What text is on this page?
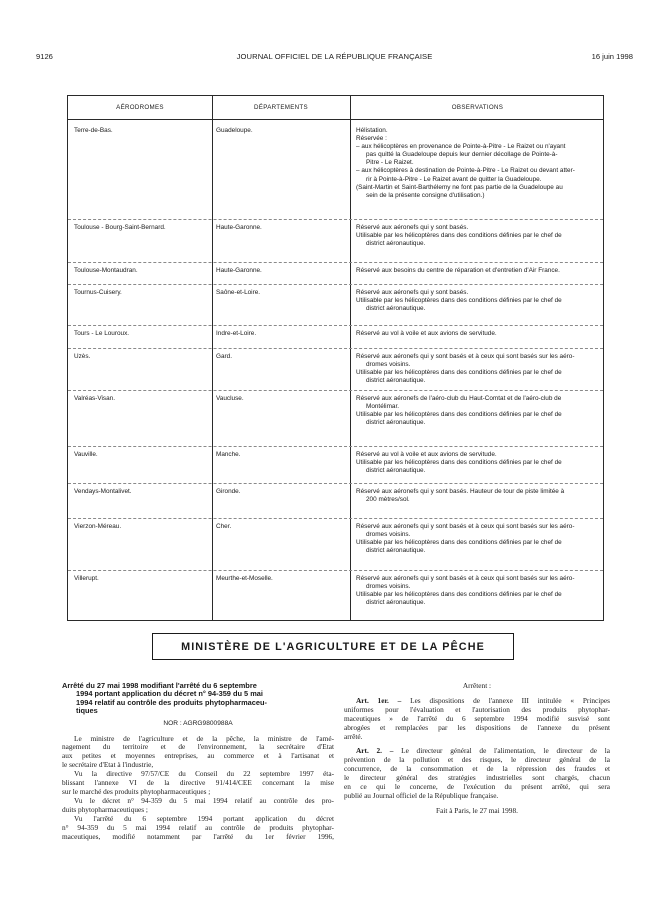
9126	JOURNAL OFFICIEL DE LA RÉPUBLIQUE FRANÇAISE	16 juin 1998
AÉRODROMES	DÉPARTEMENTS	OBSERVATIONS
Terre-de-Bas.	Guadeloupe.	Hélistation.
Réservée :
– aux hélicoptères en provenance de Pointe-à-Pitre - Le Raizet ou n'ayant
pas quitté la Guadeloupe depuis leur dernier décollage de Pointe-à-
Pitre - Le Raizet.
– aux hélicoptères à destination de Pointe-à-Pitre - Le Raizet ou devant atter-
rir à Pointe-à-Pitre - Le Raizet avant de quitter la Guadeloupe.
(Saint-Martin et Saint-Barthélemy ne font pas partie de la Guadeloupe au
sein de la présente consigne d'utilisation.)
Toulouse - Bourg-Saint-Bernard.	Haute-Garonne.	Réservé aux aéronefs qui y sont basés.
Utilisable par les hélicoptères dans des conditions définies par le chef de
district aéronautique.
Toulouse-Montaudran.	Haute-Garonne.	Réservé aux besoins du centre de réparation et d'entretien d'Air France.
Tournus-Cuisery.	Saône-et-Loire.	Réservé aux aéronefs qui y sont basés.
Utilisable par les hélicoptères dans des conditions définies par le chef de
district aéronautique.
Tours - Le Louroux.	Indre-et-Loire.	Réservé au vol à voile et aux avions de servitude.
Uzès.	Gard.	Réservé aux aéronefs qui y sont basés et à ceux qui sont basés sur les aéro-
dromes voisins.
Utilisable par les hélicoptères dans des conditions définies par le chef de
district aéronautique.
Valréas-Visan.	Vaucluse.	Réservé aux aéronefs de l'aéro-club du Haut-Comtat et de l'aéro-club de
Montélimar.
Utilisable par les hélicoptères dans des conditions définies par le chef de
district aéronautique.
Vauville.	Manche.	Réservé au vol à voile et aux avions de servitude.
Utilisable par les hélicoptères dans des conditions définies par le chef de
district aéronautique.
Vendays-Montalivet.	Gironde.	Réservé aux aéronefs qui y sont basés. Hauteur de tour de piste limitée à
200 mètres/sol.
Vierzon-Méreau.	Cher.	Réservé aux aéronefs qui y sont basés et à ceux qui sont basés sur les aéro-
dromes voisins.
Utilisable par les hélicoptères dans des conditions définies par le chef de
district aéronautique.
Villerupt.	Meurthe-et-Moselle.	Réservé aux aéronefs qui y sont basés et à ceux qui sont basés sur les aéro-
dromes voisins.
Utilisable par les hélicoptères dans des conditions définies par le chef de
district aéronautique.
MINISTÈRE DE L'AGRICULTURE ET DE LA PÊCHE
Arrêté du 27 mai 1998 modifiant l'arrêté du 6 septembre
1994 portant application du décret n° 94-359 du 5 mai
1994 relatif au contrôle des produits phytopharmaceu-
tiques
NOR : AGRG9800988A
Le ministre de l'agriculture et de la pêche, la ministre de l'amé-
nagement du territoire et de l'environnement, la secrétaire d'Etat
aux petites et moyennes entreprises, au commerce et à l'artisanat et
le secrétaire d'Etat à l'industrie,
Vu la directive 97/57/CE du Conseil du 22 septembre 1997 éta-
blissant l'annexe VI de la directive 91/414/CEE concernant la mise
sur le marché des produits phytopharmaceutiques ;
Vu le décret n° 94-359 du 5 mai 1994 relatif au contrôle des pro-
duits phytopharmaceutiques ;
Vu l'arrêté du 6 septembre 1994 portant application du décret
n° 94-359 du 5 mai 1994 relatif au contrôle de produits phytophar-
maceutiques, modifié notamment par l'arrêté du 1er février 1996,
Arrêtent :
Art. 1er. – Les dispositions de l'annexe III intitulée « Principes
uniformes pour l'évaluation et l'autorisation des produits phytophar-
maceutiques » de l'arrêté du 6 septembre 1994 modifié susvisé sont
abrogées et remplacées par les dispositions de l'annexe du présent
arrêté.
Art. 2. – Le directeur général de l'alimentation, le directeur de la
prévention de la pollution et des risques, le directeur général de la
concurrence, de la consommation et de la répression des fraudes et
le directeur général des stratégies industrielles sont chargés, chacun
en ce qui le concerne, de l'exécution du présent arrêté, qui sera
publié au Journal officiel de la République française.
Fait à Paris, le 27 mai 1998.
